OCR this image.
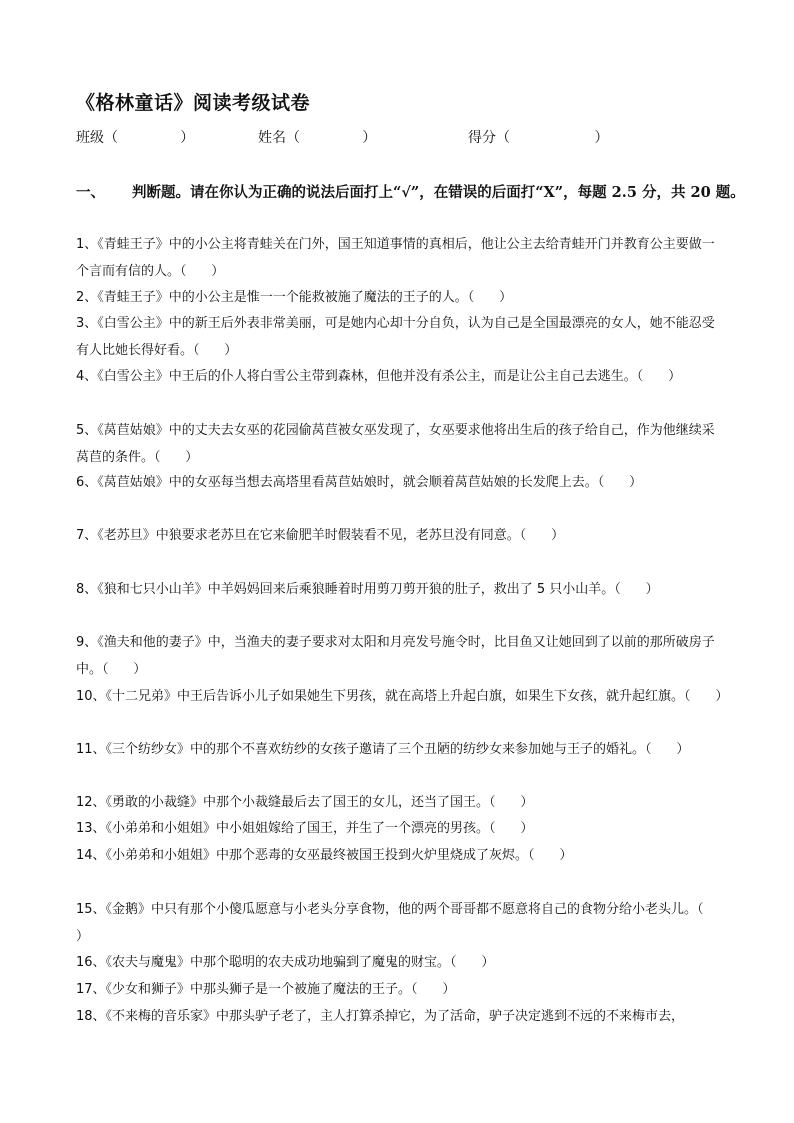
《格林童话》阅读考级试卷
班级（              ）	姓名（              ）	得分（                   ）
一、 判断题。请在你认为正确的说法后面打上“√”，在错误的后面打“X”，每题 2.5 分，共 20 题。
1、《青蛙王子》中的小公主将青蛙关在门外，国王知道事情的真相后，他让公主去给青蛙开门并教育公主要做一个言而有信的人。（      ）
2、《青蛙王子》中的小公主是惟一一个能救被施了魔法的王子的人。（      ）
3、《白雪公主》中的新王后外表非常美丽，可是她内心却十分自负，认为自己是全国最漂亮的女人，她不能忍受有人比她长得好看。（      ）
4、《白雪公主》中王后的仆人将白雪公主带到森林，但他并没有杀公主，而是让公主自己去逃生。（      ）
5、《莴苣姑娘》中的丈夫去女巫的花园偷莴苣被女巫发现了，女巫要求他将出生后的孩子给自己，作为他继续采莴苣的条件。（      ）
6、《莴苣姑娘》中的女巫每当想去高塔里看莴苣姑娘时，就会顺着莴苣姑娘的长发爬上去。（      ）
7、《老苏旦》中狼要求老苏旦在它来偷肥羊时假装看不见，老苏旦没有同意。（      ）
8、《狼和七只小山羊》中羊妈妈回来后乘狼睡着时用剪刀剪开狼的肚子，救出了 5 只小山羊。（      ）
9、《渔夫和他的妻子》中，当渔夫的妻子要求对太阳和月亮发号施令时，比目鱼又让她回到了以前的那所破房子中。（      ）
10、《十二兄弟》中王后告诉小儿子如果她生下男孩，就在高塔上升起白旗，如果生下女孩，就升起红旗。（      ）
11、《三个纺纱女》中的那个不喜欢纺纱的女孩子邀请了三个丑陋的纺纱女来参加她与王子的婚礼。（      ）
12、《勇敢的小裁缝》中那个小裁缝最后去了国王的女儿，还当了国王。（      ）
13、《小弟弟和小姐姐》中小姐姐嫁给了国王，并生了一个漂亮的男孩。（      ）
14、《小弟弟和小姐姐》中那个恶毒的女巫最终被国王投到火炉里烧成了灰烬。（      ）
15、《金鹅》中只有那个小傻瓜愿意与小老头分享食物，他的两个哥哥都不愿意将自己的食物分给小老头儿。（      ）
16、《农夫与魔鬼》中那个聪明的农夫成功地骗到了魔鬼的财宝。（      ）
17、《少女和狮子》中那头狮子是一个被施了魔法的王子。（      ）
18、《不来梅的音乐家》中那头驴子老了，主人打算杀掉它，为了活命，驴子决定逃到不远的不来梅市去，
